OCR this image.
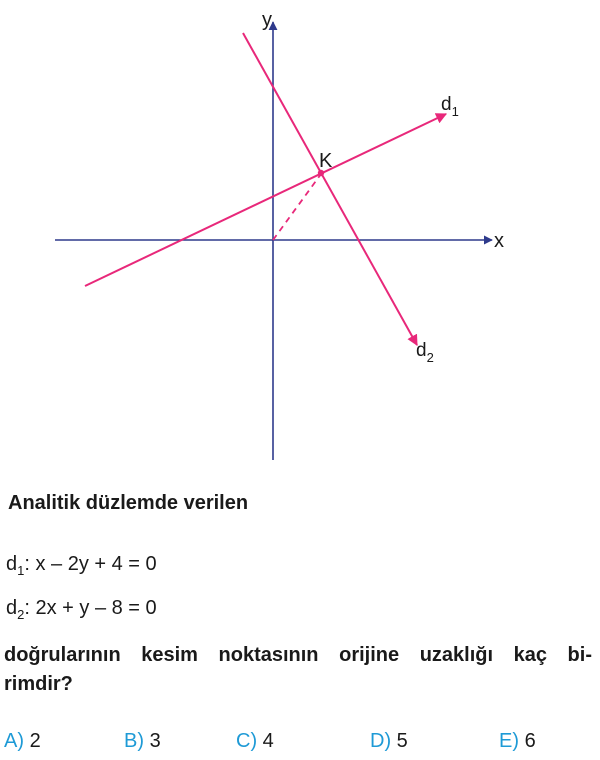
x
y
$d_1$
$d_2$
K
Analitik düzlemde verilen
$d_1$: x – 2y + 4 = 0
$d_2$: 2x + y – 8 = 0
doğrularının kesim noktasının orijine uzaklığı kaç bi-
rimdir?
A) 2	B) 3	C) 4	D) 5	E) 6
